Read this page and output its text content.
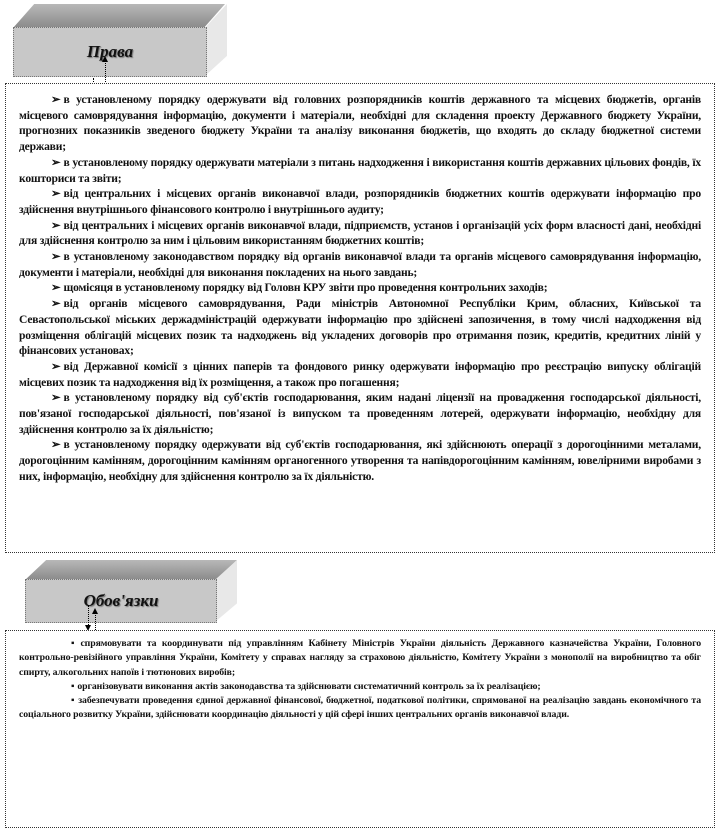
Права

➢ в установленому порядку одержувати від головних розпорядників коштів державного та місцевих бюджетів, органів місцевого самоврядування інформацію, документи і матеріали, необхідні для складення проекту Державного бюджету України, прогнозних показників зведеного бюджету України та аналізу виконання бюджетів, що входять до складу бюджетної системи держави;

➢ в установленому порядку одержувати матеріали з питань надходження і використання коштів державних цільових фондів, їх кошториси та звіти;

➢ від центральних і місцевих органів виконавчої влади, розпорядників бюджетних коштів одержувати інформацію про здійснення внутрішнього фінансового контролю і внутрішнього аудиту;

➢ від центральних і місцевих органів виконавчої влади, підприємств, установ і організацій усіх форм власності дані, необхідні для здійснення контролю за ним і цільовим використанням бюджетних коштів;

➢ в установленому законодавством порядку від органів виконавчої влади та органів місцевого самоврядування інформацію, документи і матеріали, необхідні для виконання покладених на нього завдань;

➢ щомісяця в установленому порядку від Головн КРУ звіти про проведення контрольних заходів;

➢ від органів місцевого самоврядування, Ради міністрів Автономної Республіки Крим, обласних, Київської та Севастопольської міських держадміністрацій одержувати інформацію про здійснені запозичення, в тому числі надходження від розміщення облігацій місцевих позик та надходжень від укладених договорів про отримання позик, кредитів, кредитних ліній у фінансових установах;

➢ від Державної комісії з цінних паперів та фондового ринку одержувати інформацію про реєстрацію випуску облігацій місцевих позик та надходження від їх розміщення, а також про погашення;

➢ в установленому порядку від суб'єктів господарювання, яким надані ліцензії на провадження господарської діяльності, пов'язаної господарської діяльності, пов'язаної із випуском та проведенням лотерей, одержувати інформацію, необхідну для здійснення контролю за їх діяльністю;

➢ в установленому порядку одержувати від суб'єктів господарювання, які здійснюють операції з дорогоцінними металами, дорогоцінним камінням, дорогоцінним камінням органогенного утворення та напівдорогоцінним камінням, ювелірними виробами з них, інформацію, необхідну для здійснення контролю за їх діяльністю.

Обов'язки

▪ спрямовувати та координувати під управлінням Кабінету Міністрів України діяльність Державного казначейства України, Головного контрольно-ревізійного управління України, Комітету у справах нагляду за страховою діяльністю, Комітету України з монополії на виробництво та обіг спирту, алкогольних напоїв і тютюнових виробів;

▪ організовувати виконання актів законодавства та здійснювати систематичний контроль за їх реалізацією;

▪ забезпечувати проведення єдиної державної фінансової, бюджетної, податкової політики, спрямованої на реалізацію завдань економічного та соціального розвитку України, здійснювати координацію діяльності у цій сфері інших центральних органів виконавчої влади.
